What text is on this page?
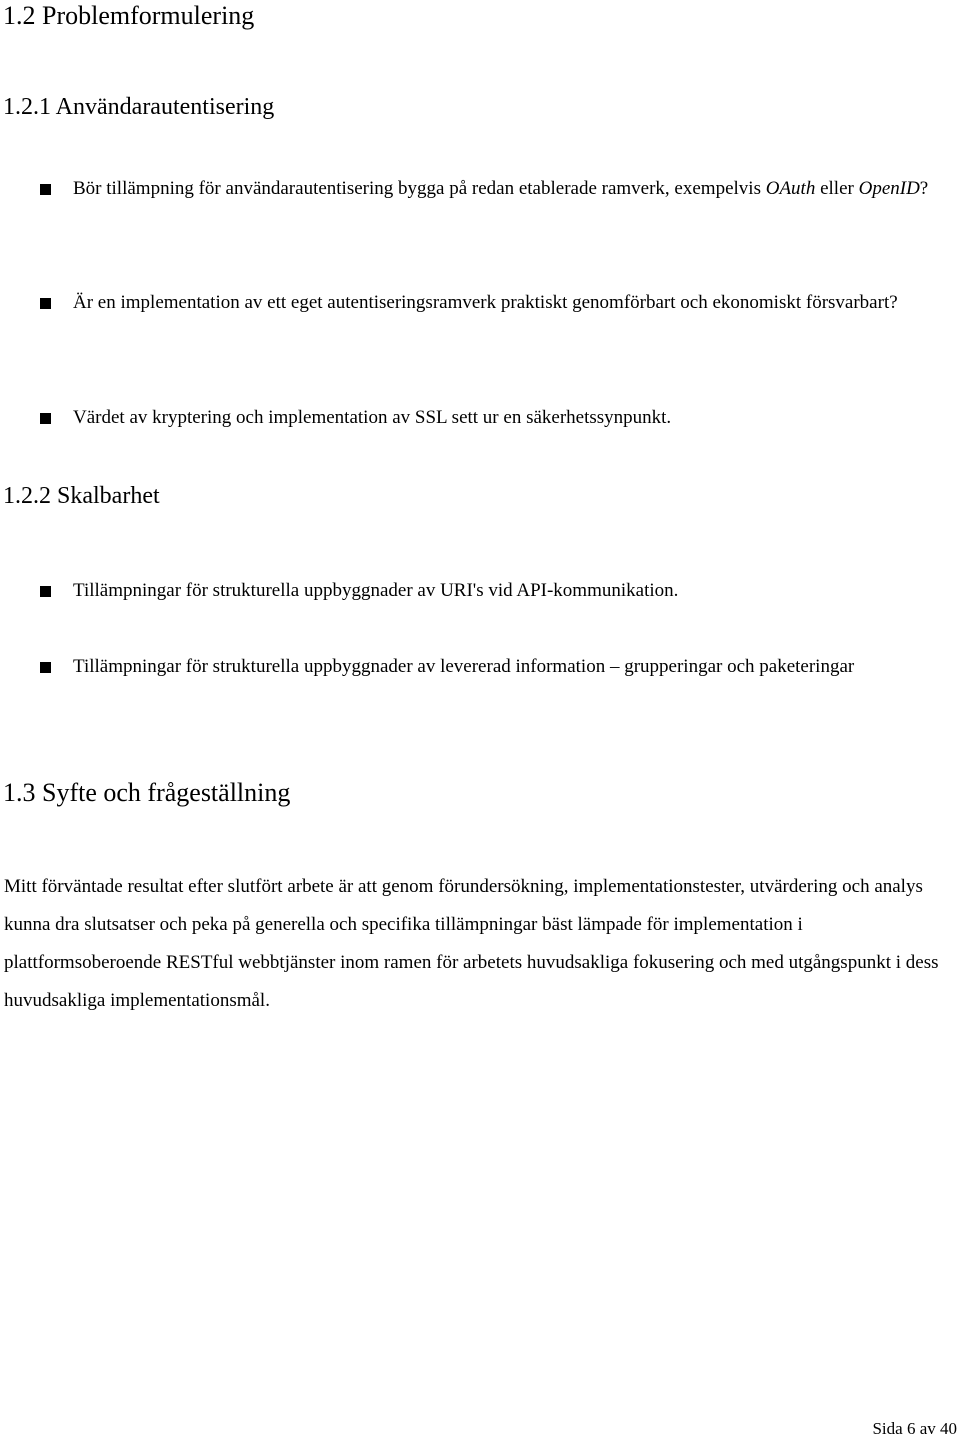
1.2 Problemformulering
1.2.1 Användarautentisering
Bör tillämpning för användarautentisering bygga på redan etablerade ramverk, exempelvis OAuth eller OpenID?
Är en implementation av ett eget autentiseringsramverk praktiskt genomförbart och ekonomiskt försvarbart?
Värdet av kryptering och implementation av SSL sett ur en säkerhetssynpunkt.
1.2.2 Skalbarhet
Tillämpningar för strukturella uppbyggnader av URI's vid API-kommunikation.
Tillämpningar för strukturella uppbyggnader av levererad information – grupperingar och paketeringar
1.3 Syfte och frågeställning

Mitt förväntade resultat efter slutfört arbete är att genom förundersökning, implementationstester, utvärdering och analys kunna dra slutsatser och peka på generella och specifika tillämpningar bäst lämpade för implementation i plattformsoberoende RESTful webbtjänster inom ramen för arbetets huvudsakliga fokusering och med utgångspunkt i dess huvudsakliga implementationsmål.

Sida 6 av 40
